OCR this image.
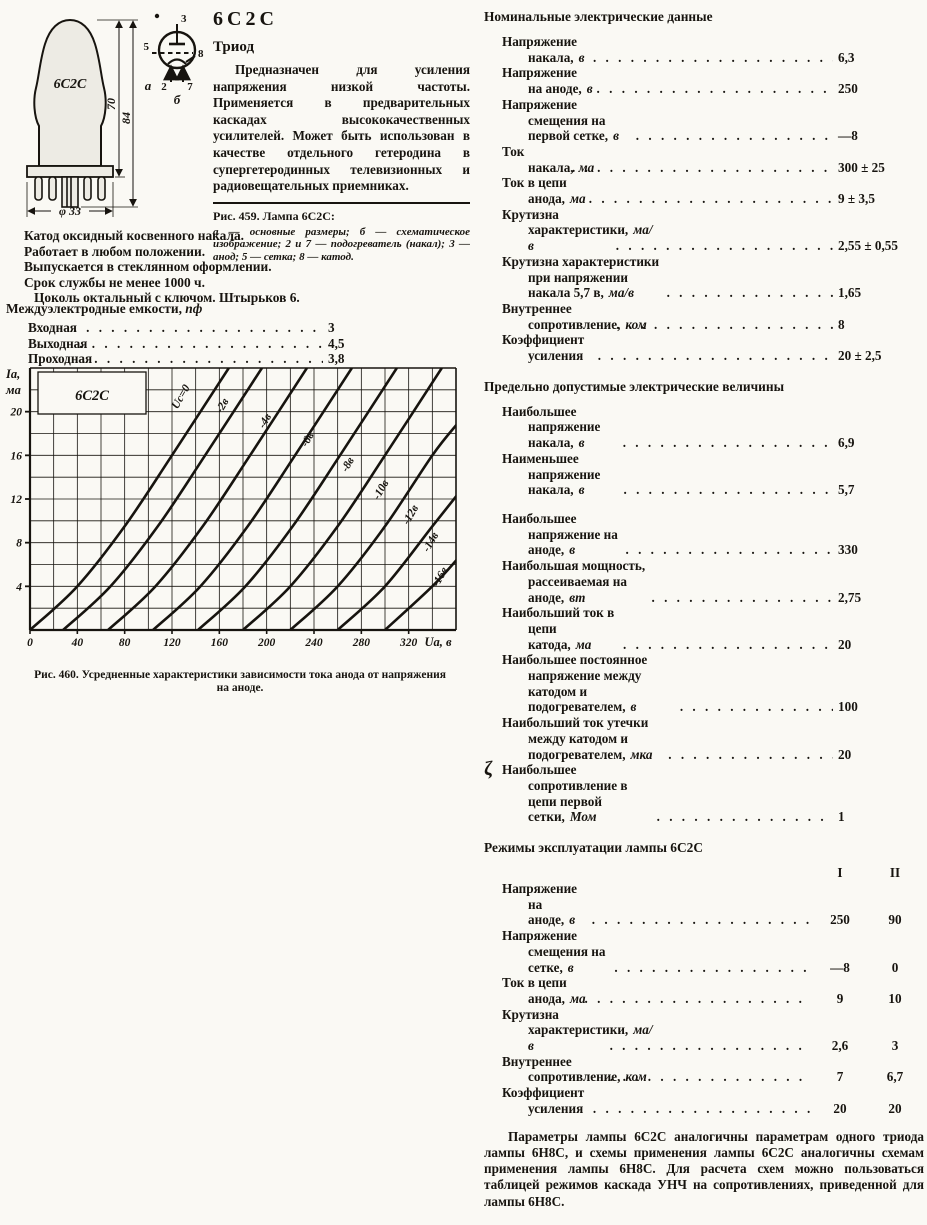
6С2С
70
84
φ 33
3
5
8
2 7
а
б
6С2С
Триод

Предназначен для усиления напряжения низкой частоты. Применяется в предварительных каскадах высококачественных усилителей. Может быть использован в качестве отдельного гетеродина в супергетеродинных телевизионных и радиовещательных приемниках.

Рис. 459. Лампа 6С2С:

а — основные размеры; б — схематическое изображение; 2 и 7 — подогреватель (накал); 3 — анод; 5 — сетка; 8 — катод.

Катод оксидный косвенного накала.
Работает в любом положении.
Выпускается в стеклянном оформлении.
Срок службы не менее 1000 ч.
Цоколь октальный с ключом. Штырьков 6.
Междуэлектродные емкости, пф
Входная . .	3
Выходная . .	4,5
Проходная . .	3,8
0	40	80	120	160	200	240	280	320
4
8
12
16
20
Uа, в
Iа,
ма	6С2С	Uс=0 -2в
-4в
-6в
-8в
-10в
-12в
-14в
-16в

Рис. 460. Усредненные характеристики зависимости тока анода от напряжения на аноде.

Номинальные электрические данные
Напряжение накала, в . .	6,3
Напряжение на аноде, в . .	250
Напряжение смещения на первой сетке, в . .	—8
Ток накала, ма . .	300 ± 25
Ток в цепи анода, ма . .	9 ± 3,5
Крутизна характеристики, ма/в . .	2,55 ± 0,55
Крутизна характеристики при напряжении накала 5,7 в, ма/в . .	1,65
Внутреннее сопротивление, ком . .	8
Коэффициент усиления . .	20 ± 2,5
Предельно допустимые электрические величины
Наибольшее напряжение накала, в . .	6,9
Наименьшее напряжение накала, в . .	5,7
Наибольшее напряжение на аноде, в . .	330
Наибольшая мощность, рассеиваемая на аноде, вт . .	2,75
Наибольший ток в цепи катода, ма . .	20
Наибольшее постоянное напряжение между катодом и подогревателем, в . .	100
Наибольший ток утечки между катодом и подогревателем, мка . .	20
ζ Наибольшее сопротивление в цепи первой сетки, Мом . .	1
Режимы эксплуатации лампы 6С2С
I	II
Напряжение на аноде, в . .	250	90
Напряжение смещения на сетке, в . .	—8	0
Ток в цепи анода, ма . .	9	10
Крутизна характеристики, ма/в . .	2,6	3
Внутреннее сопротивление, ком . .	7	6,7
Коэффициент усиления . .	20	20

Параметры лампы 6С2С аналогичны параметрам одного триода лампы 6Н8С, и схемы применения лампы 6С2С аналогичны схемам применения лампы 6Н8С. Для расчета схем можно пользоваться таблицей режимов каскада УНЧ на сопротивлениях, приведенной для лампы 6Н8С.
